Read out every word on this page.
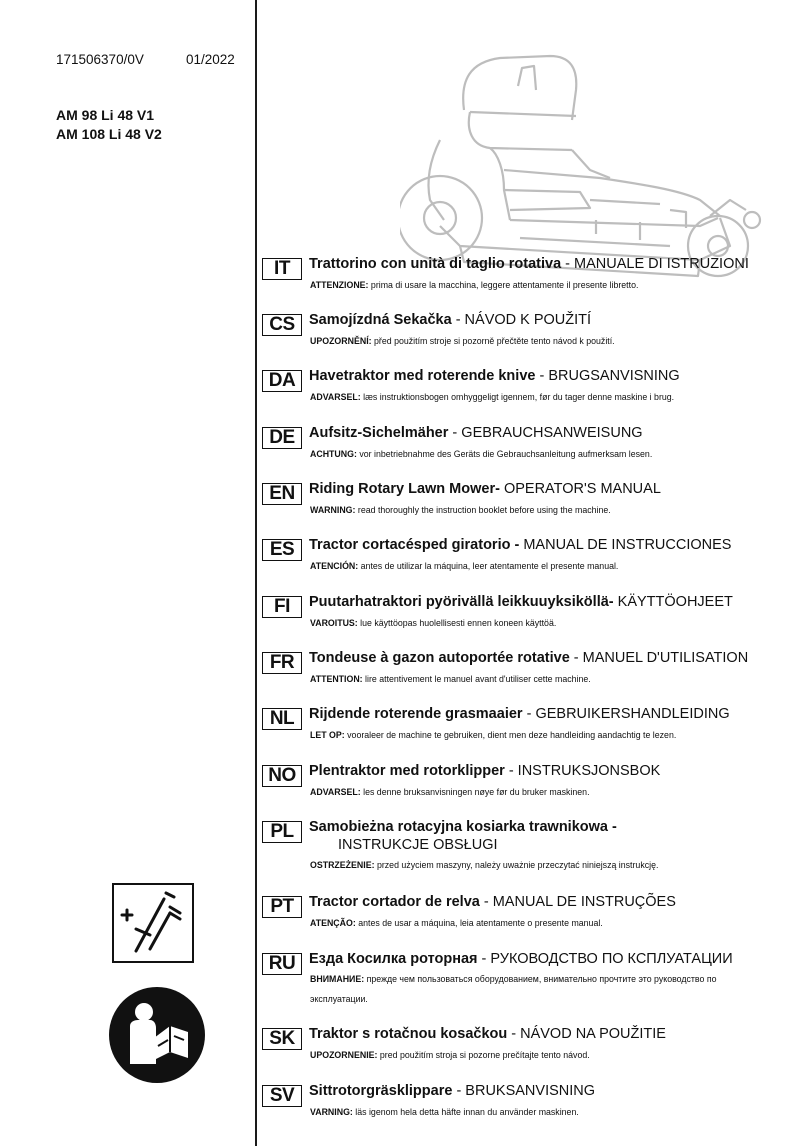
171506370/0V	01/2022
AM 98 Li 48 V1
AM 108 Li 48 V2
IT	Trattorino con unità di taglio rotativa - MANUALE DI ISTRUZIONI
ATTENZIONE: prima di usare la macchina, leggere attentamente il presente libretto.
CS Samojízdná Sekačka - NÁVOD K POUŽITÍ
UPOZORNĚNÍ: před použitím stroje si pozorně přečtěte tento návod k použití.
DA Havetraktor med roterende knive - BRUGSANVISNING
ADVARSEL: læs instruktionsbogen omhyggeligt igennem, før du tager denne maskine i brug.
DE Aufsitz-Sichelmäher - GEBRAUCHSANWEISUNG
ACHTUNG: vor inbetriebnahme des Geräts die Gebrauchsanleitung aufmerksam lesen.
EN Riding Rotary Lawn Mower- OPERATOR'S MANUAL
WARNING: read thoroughly the instruction booklet before using the machine.
ES	Tractor cortacésped giratorio - MANUAL DE INSTRUCCIONES
ATENCIÓN: antes de utilizar la máquina, leer atentamente el presente manual.
FI	Puutarhatraktori pyörivällä leikkuuyksiköllä- KÄYTTÖOHJEET
VAROITUS: lue käyttöopas huolellisesti ennen koneen käyttöä.
FR	Tondeuse à gazon autoportée rotative - MANUEL D'UTILISATION
ATTENTION: lire attentivement le manuel avant d'utiliser cette machine.
NL	Rijdende roterende grasmaaier - GEBRUIKERSHANDLEIDING
LET OP: vooraleer de machine te gebruiken, dient men deze handleiding aandachtig te lezen.
NO Plentraktor med rotorklipper - INSTRUKSJONSBOK
ADVARSEL: les denne bruksanvisningen nøye før du bruker maskinen.
PL	Samobieżna rotacyjna kosiarka trawnikowa -
INSTRUKCJE OBSŁUGI
OSTRZEŻENIE: przed użyciem maszyny, należy uważnie przeczytać niniejszą instrukcję.
PT	Tractor cortador de relva - MANUAL DE INSTRUÇÕES
ATENÇÃO: antes de usar a máquina, leia atentamente o presente manual.
RU Езда Косилка роторная - РУКОВОДСТВО ПО КСПЛУАТАЦИИ
ВНИМАНИЕ: прежде чем пользоваться оборудованием, внимательно прочтите это руководство по эксплуатации.
SK Traktor s rotačnou kosačkou - NÁVOD NA POUŽITIE
UPOZORNENIE: pred použitím stroja si pozorne prečítajte tento návod.
SV	Sittrotorgräsklippare - BRUKSANVISNING
VARNING: läs igenom hela detta häfte innan du använder maskinen.
